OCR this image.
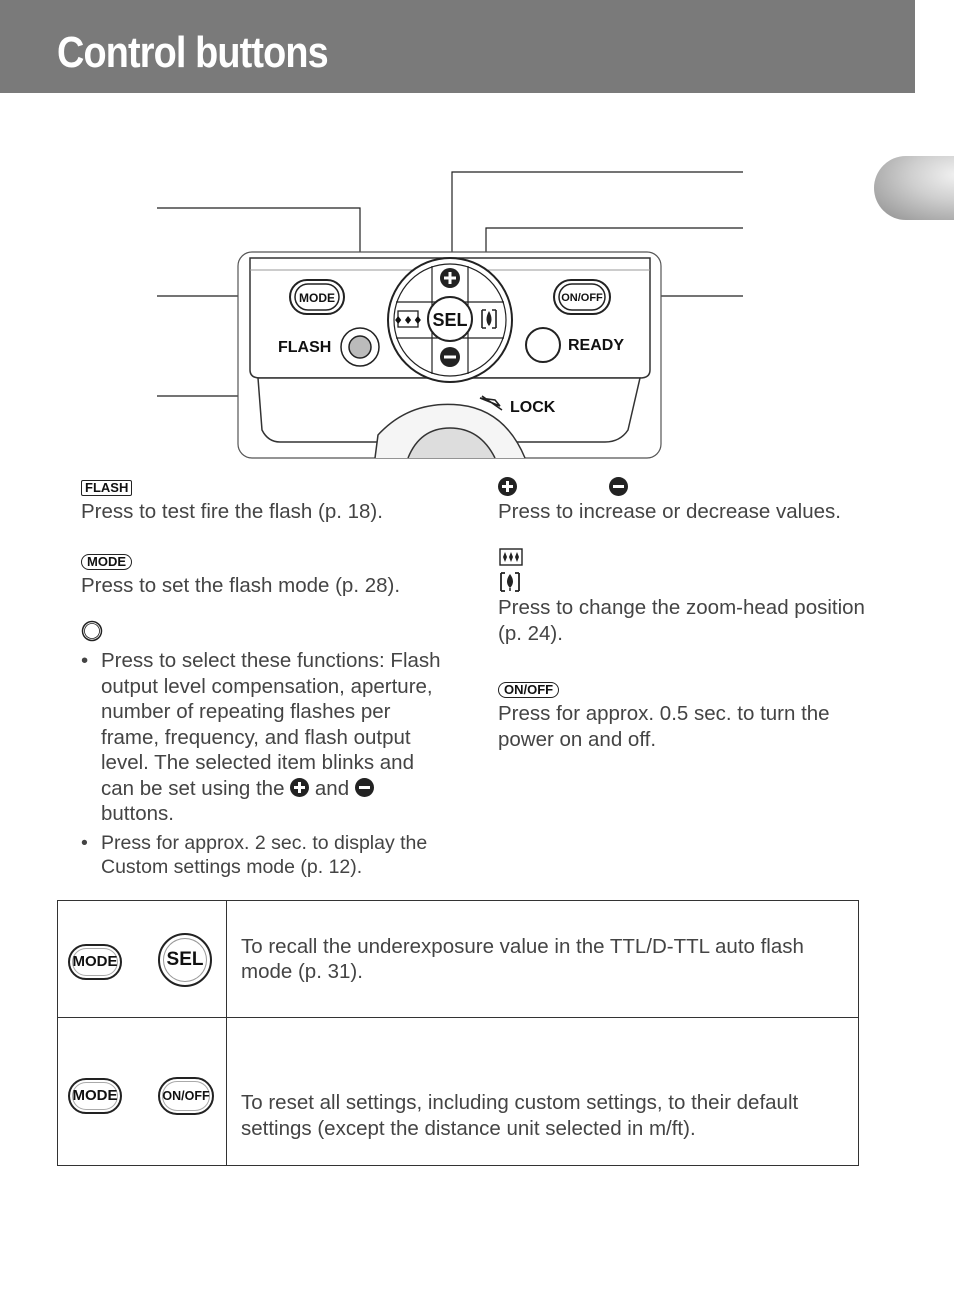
Control buttons
MODE
FLASH
SEL
♦♦♦
ON/OFF
READY
LOCK
FLASH

Press to test fire the flash (p. 18).

MODE

Press to set the flash mode (p. 28).

• Press to select these functions: Flash output level compensation, aperture, number of repeating flashes per frame, frequency, and flash output level. The selected item blinks and can be set using the and  buttons.
• Press for approx. 2 sec. to display the Custom settings mode (p. 12).

Press to increase or decrease values.

Press to change the zoom-head position (p. 24).

ON/OFF

Press for approx. 0.5 sec. to turn the power on and off.

MODE SEL	To recall the underexposure value in the TTL/D-TTL auto flash mode (p. 31).

MODE ON/OFF	To reset all settings, including custom settings, to their default settings (except the distance unit selected in m/ft).
